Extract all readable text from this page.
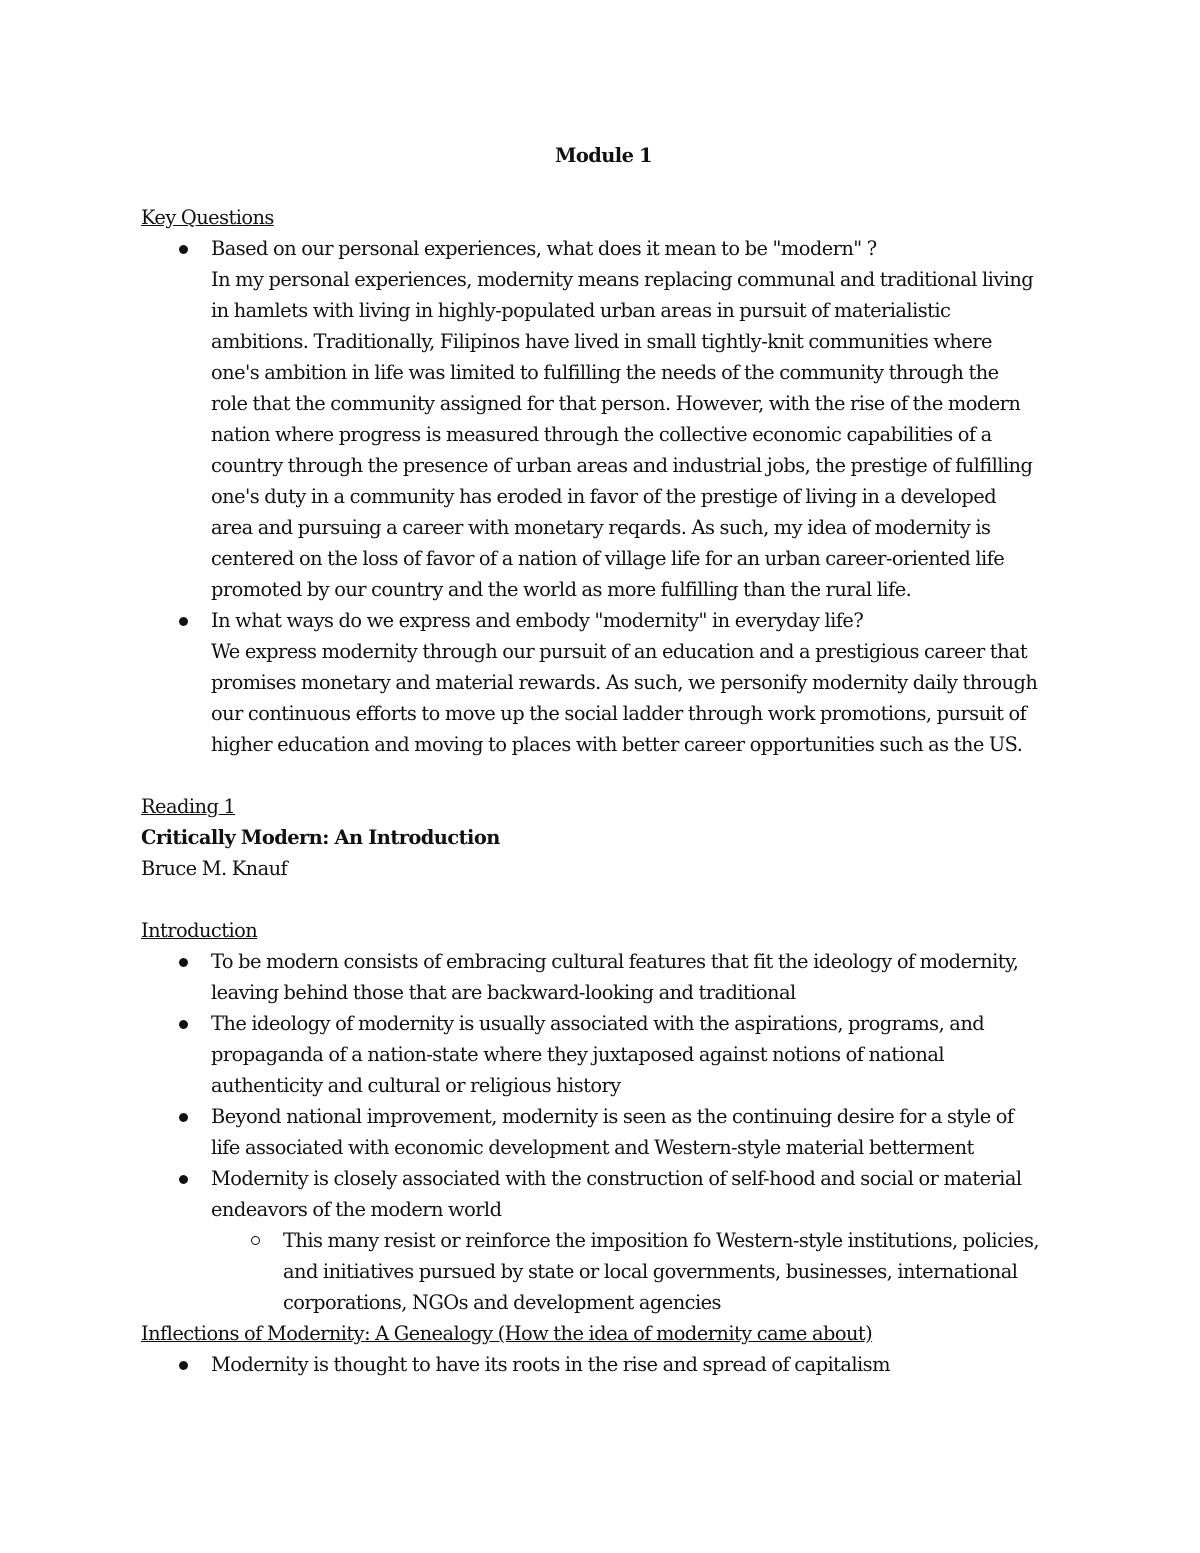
Module 1
Key Questions
Based on our personal experiences, what does it mean to be "modern" ?
In my personal experiences, modernity means replacing communal and traditional living
in hamlets with living in highly-populated urban areas in pursuit of materialistic
ambitions. Traditionally, Filipinos have lived in small tightly-knit communities where
one's ambition in life was limited to fulfilling the needs of the community through the
role that the community assigned for that person. However, with the rise of the modern
nation where progress is measured through the collective economic capabilities of a
country through the presence of urban areas and industrial jobs, the prestige of fulfilling
one's duty in a community has eroded in favor of the prestige of living in a developed
area and pursuing a career with monetary reqards. As such, my idea of modernity is
centered on the loss of favor of a nation of village life for an urban career-oriented life
promoted by our country and the world as more fulfilling than the rural life.
In what ways do we express and embody "modernity" in everyday life?
We express modernity through our pursuit of an education and a prestigious career that
promises monetary and material rewards. As such, we personify modernity daily through
our continuous efforts to move up the social ladder through work promotions, pursuit of
higher education and moving to places with better career opportunities such as the US.
Reading 1
Critically Modern: An Introduction
Bruce M. Knauf
Introduction
To be modern consists of embracing cultural features that fit the ideology of modernity,
leaving behind those that are backward-looking and traditional
The ideology of modernity is usually associated with the aspirations, programs, and
propaganda of a nation-state where they juxtaposed against notions of national
authenticity and cultural or religious history
Beyond national improvement, modernity is seen as the continuing desire for a style of
life associated with economic development and Western-style material betterment
Modernity is closely associated with the construction of self-hood and social or material
endeavors of the modern world
This many resist or reinforce the imposition fo Western-style institutions, policies,
and initiatives pursued by state or local governments, businesses, international
corporations, NGOs and development agencies
Inflections of Modernity: A Genealogy (How the idea of modernity came about)
Modernity is thought to have its roots in the rise and spread of capitalism
